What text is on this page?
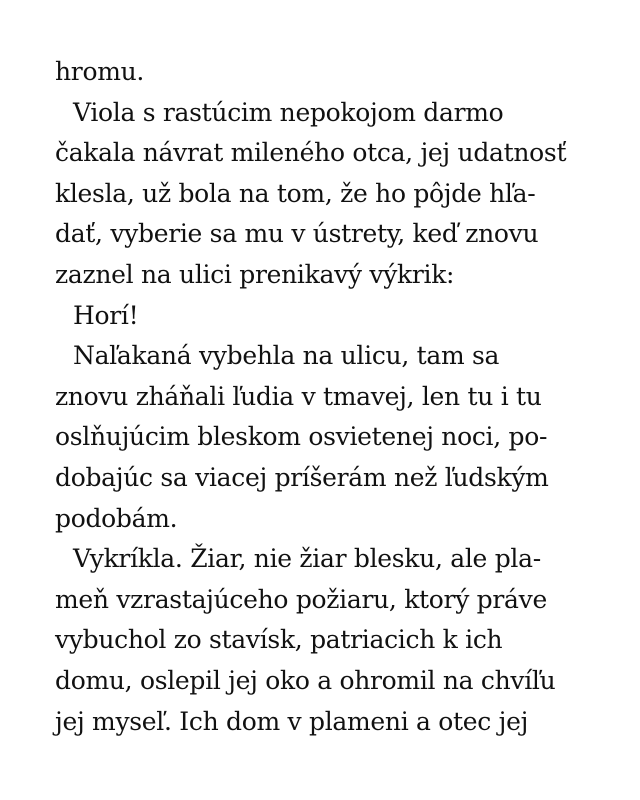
hromu.
Viola s rastúcim nepokojom darmo
čakala návrat mileného otca, jej udatnosť
klesla, už bola na tom, že ho pôjde hľa-
dať, vyberie sa mu v ústrety, keď znovu
zaznel na ulici prenikavý výkrik:
Horí!
Naľakaná vybehla na ulicu, tam sa
znovu zháňali ľudia v tmavej, len tu i tu
oslňujúcim bleskom osvietenej noci, po-
dobajúc sa viacej príšerám než ľudským
podobám.
Vykríkla. Žiar, nie žiar blesku, ale pla-
meň vzrastajúceho požiaru, ktorý práve
vybuchol zo stavísk, patriacich k ich
domu, oslepil jej oko a ohromil na chvíľu
jej myseľ. Ich dom v plameni a otec jej
